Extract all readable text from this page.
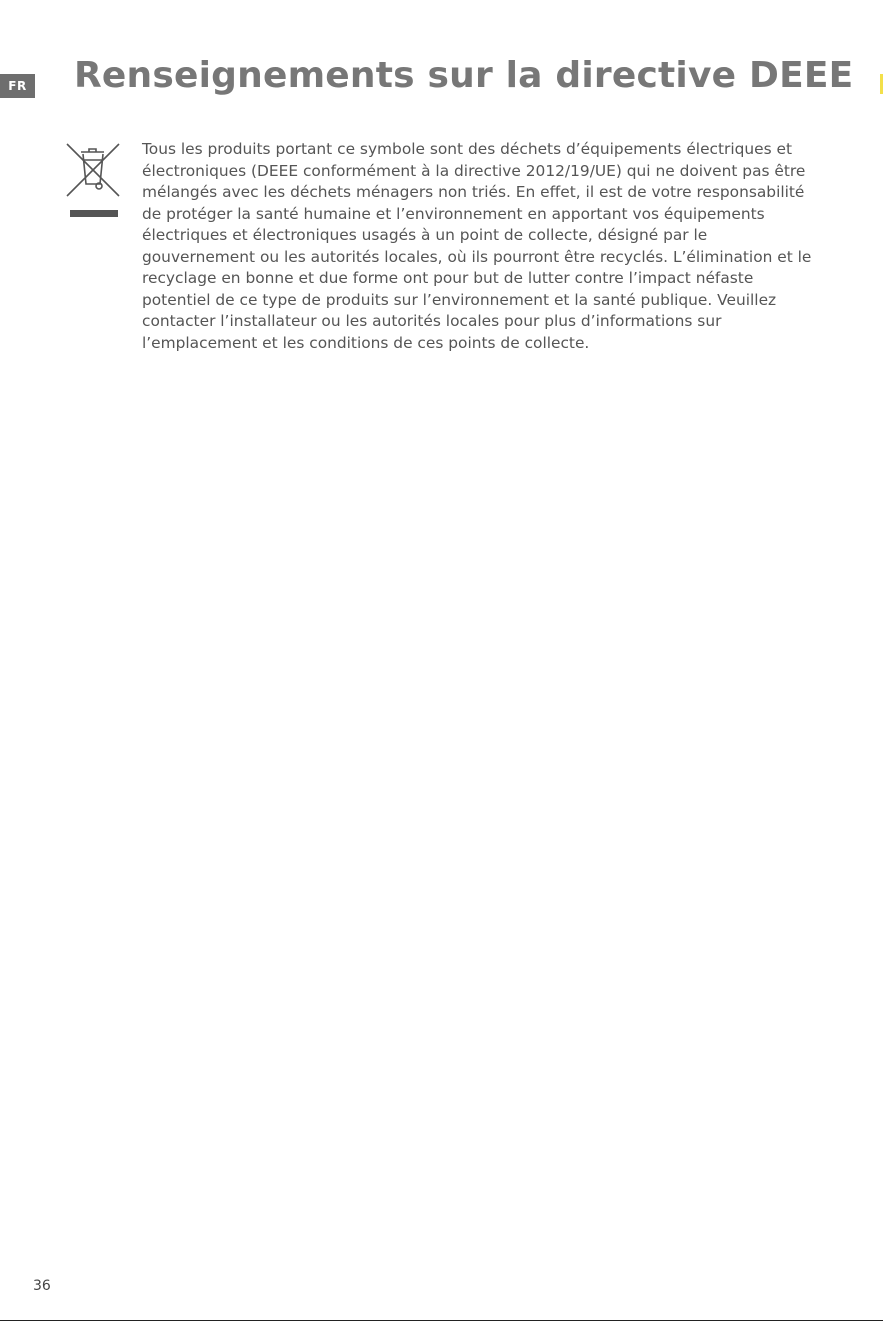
FR Renseignements sur la directive DEEE

Tous les produits portant ce symbole sont des déchets d’équipements électriques et électroniques (DEEE conformément à la directive 2012/19/UE) qui ne doivent pas être mélangés avec les déchets ménagers non triés. En effet, il est de votre responsabilité de protéger la santé humaine et l’environnement en apportant vos équipements électriques et électroniques usagés à un point de collecte, désigné par le gouvernement ou les autorités locales, où ils pourront être recyclés. L’élimination et le recyclage en bonne et due forme ont pour but de lutter contre l’impact néfaste potentiel de ce type de produits sur l’environnement et la santé publique. Veuillez contacter l’installateur ou les autorités locales pour plus d’informations sur l’emplacement et les conditions de ces points de collecte.

36
